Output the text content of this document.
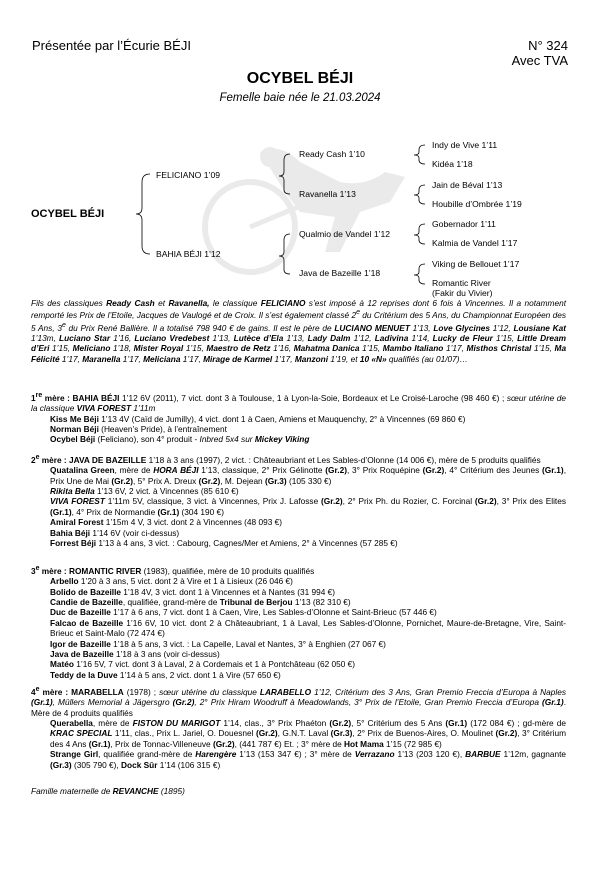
Présentée par l’Écurie BÉJI	N° 324
Avec TVA
OCYBEL BÉJI
Femelle baie née le 21.03.2024
OCYBEL BÉJI
FELICIANO 1’09
BAHIA BÉJI 1’12
Ready Cash 1’10
Ravanella 1’13
Qualmio de Vandel 1’12
Java de Bazeille 1’18
Indy de Vive 1’11
Kidéa 1’18
Jain de Béval 1’13
Houbille d’Ombrée 1’19
Gobernador 1’11
Kalmia de Vandel 1’17
Viking de Bellouet 1’17
Romantic River
(Fakir du Vivier)

Fils des classiques Ready Cash et Ravanella, le classique FELICIANO s’est imposé à 12 reprises dont 6 fois à Vincennes. Il a notamment remporté les Prix de l’Etoile, Jacques de Vaulogé et de Croix. Il s’est également classé 2e du Critérium des 5 Ans, du Championnat Européen des 5 Ans, 3e du Prix René Ballière. Il a totalisé 798 940 € de gains. Il est le père de LUCIANO MENUET 1’13, Love Glycines 1’12, Lousiane Kat 1’13m, Luciano Star 1’16, Luciano Vredebest 1’13, Lutèce d’Ela 1’13, Lady Dalm 1’12, Ladivina 1’14, Lucky de Fleur 1’15, Little Dream d’Eri 1’15, Meliciano 1’18, Mister Royal 1’15, Maestro de Retz 1’16, Mahatma Danica 1’15, Mambo Italiano 1’17, Misthos Christal 1’15, Ma Félicité 1’17, Maranella 1’17, Meliciana 1’17, Mirage de Karmel 1’17, Manzoni 1’19, et 10 «N» qualifiés (au 01/07)…

1re mère : BAHIA BÉJI 1’12 6V (2011), 7 vict. dont 3 à Toulouse, 1 à Lyon-la-Soie, Bordeaux et Le Croisé-Laroche (98 460 €) ; sœur utérine de la classique VIVA FOREST 1’11m

Kiss Me Béji 1’13 4V (Caïd de Jumilly), 4 vict. dont 1 à Caen, Amiens et Mauquenchy, 2° à Vincennes (69 860 €)

Norman Béji (Heaven’s Pride), à l’entraînement

Ocybel Béji (Feliciano), son 4° produit - Inbred 5x4 sur Mickey Viking

2e mère : JAVA DE BAZEILLE 1’18 à 3 ans (1997), 2 vict. : Châteaubriant et Les Sables-d’Olonne (14 006 €), mère de 5 produits qualifiés

Quatalina Green, mère de HORA BÉJI 1’13, classique, 2° Prix Gélinotte (Gr.2), 3° Prix Roquépine (Gr.2), 4° Critérium des Jeunes (Gr.1), Prix Une de Mai (Gr.2), 5° Prix A. Dreux (Gr.2), M. Dejean (Gr.3) (105 330 €)

Rikita Bella 1’13 6V, 2 vict. à Vincennes (85 610 €)

VIVA FOREST 1’11m 5V, classique, 3 vict. à Vincennes, Prix J. Lafosse (Gr.2), 2° Prix Ph. du Rozier, C. Forcinal (Gr.2), 3° Prix des Elites (Gr.1), 4° Prix de Normandie (Gr.1) (304 190 €)

Amiral Forest 1’15m 4 V, 3 vict. dont 2 à Vincennes (48 093 €)

Bahia Béji 1’14 6V (voir ci-dessus)

Forrest Béji 1’13 à 4 ans, 3 vict. : Cabourg, Cagnes/Mer et Amiens, 2° à Vincennes (57 285 €)

3e mère : ROMANTIC RIVER (1983), qualifiée, mère de 10 produits qualifiés

Arbello 1’20 à 3 ans, 5 vict. dont 2 à Vire et 1 à Lisieux (26 046 €)

Bolido de Bazeille 1’18 4V, 3 vict. dont 1 à Vincennes et à Nantes (31 994 €)

Candie de Bazeille, qualifiée, grand-mère de Tribunal de Berjou 1’13 (82 310 €)

Duc de Bazeille 1’17 à 6 ans, 7 vict. dont 1 à Caen, Vire, Les Sables-d’Olonne et Saint-Brieuc (57 446 €)

Falcao de Bazeille 1’16 6V, 10 vict. dont 2 à Châteaubriant, 1 à Laval, Les Sables-d’Olonne, Pornichet, Maure-de-Bretagne, Vire, Saint-Brieuc et Saint-Malo (72 474 €)

Igor de Bazeille 1’18 à 5 ans, 3 vict. : La Capelle, Laval et Nantes, 3° à Enghien (27 067 €)

Java de Bazeille 1’18 à 3 ans (voir ci-dessus)

Matéo 1’16 5V, 7 vict. dont 3 à Laval, 2 à Cordemais et 1 à Pontchâteau (62 050 €)

Teddy de la Duve 1’14 à 5 ans, 2 vict. dont 1 à Vire (57 650 €)

4e mère : MARABELLA (1978) ; sœur utérine du classique LARABELLO 1’12, Critérium des 3 Ans, Gran Premio Freccia d’Europa à Naples (Gr.1), Müllers Memorial à Jägersgro (Gr.2), 2° Prix Hiram Woodruff à Meadowlands, 3° Prix de l’Etoile, Gran Premio Freccia d’Europa (Gr.1). Mère de 4 produits qualifiés

Querabella, mère de FISTON DU MARIGOT 1’14, clas., 3° Prix Phaéton (Gr.2), 5° Critérium des 5 Ans (Gr.1) (172 084 €) ; gd-mère de KRAC SPECIAL 1’11, clas., Prix L. Jariel, O. Douesnel (Gr.2), G.N.T. Laval (Gr.3), 2° Prix de Buenos-Aires, O. Moulinet (Gr.2), 3° Critérium des 4 Ans (Gr.1), Prix de Tonnac-Villeneuve (Gr.2), (441 787 €) Et. ; 3° mère de Hot Mama 1’15 (72 985 €)

Strange Girl, qualifiée grand-mère de Harengère 1’13 (153 347 €) ; 3° mère de Verrazano 1’13 (203 120 €), BARBUE 1’12m, gagnante (Gr.3) (305 790 €), Dock Sûr 1’14 (106 315 €)

Famille maternelle de REVANCHE (1895)
